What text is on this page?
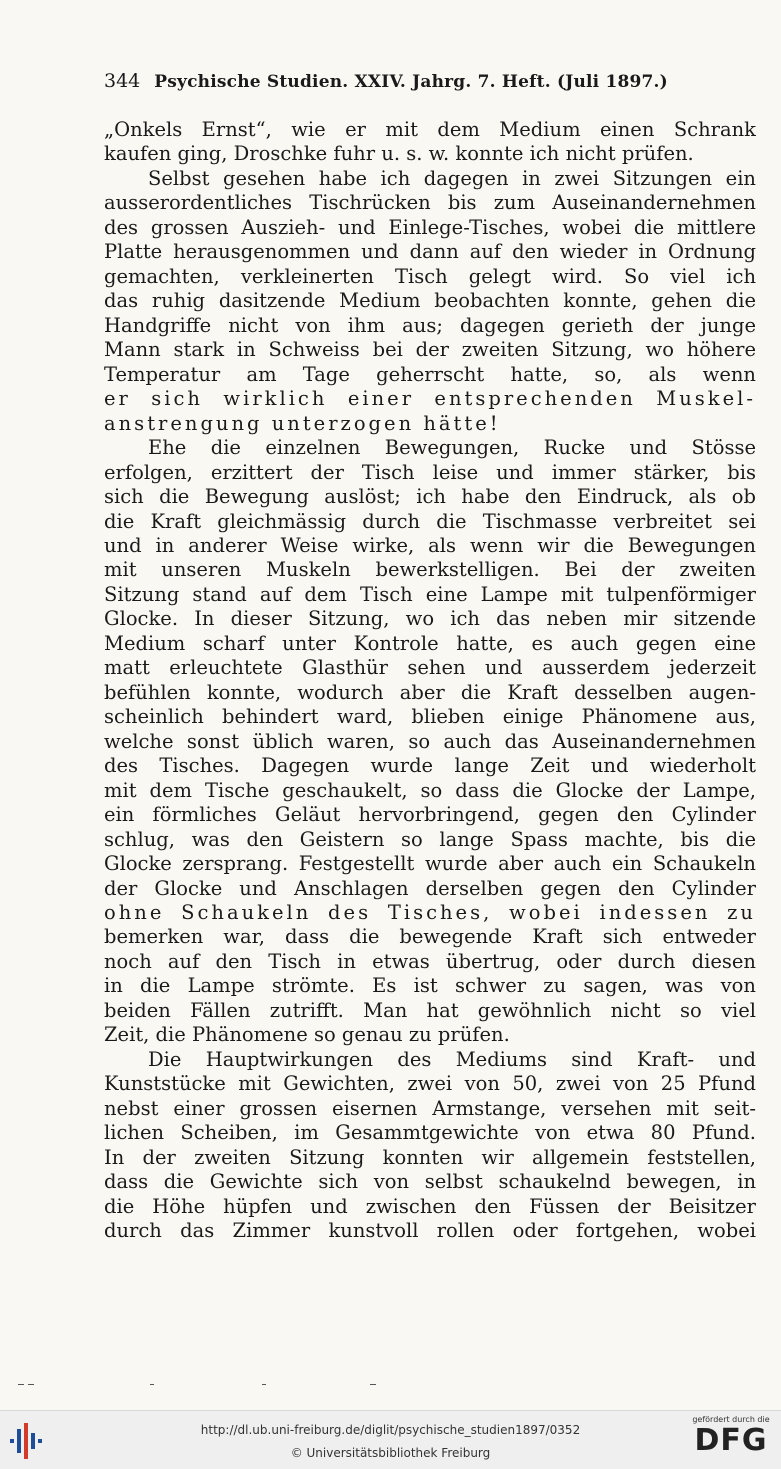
344 Psychische Studien. XXIV. Jahrg. 7. Heft. (Juli 1897.)
„Onkels Ernst“, wie er mit dem Medium einen Schrank
kaufen ging, Droschke fuhr u. s. w. konnte ich nicht prüfen.
Selbst gesehen habe ich dagegen in zwei Sitzungen ein
ausserordentliches Tischrücken bis zum Auseinandernehmen
des grossen Auszieh- und Einlege-Tisches, wobei die mittlere
Platte herausgenommen und dann auf den wieder in Ordnung
gemachten, verkleinerten Tisch gelegt wird. So viel ich
das ruhig dasitzende Medium beobachten konnte, gehen die
Handgriffe nicht von ihm aus; dagegen gerieth der junge
Mann stark in Schweiss bei der zweiten Sitzung, wo höhere
Temperatur am Tage geherrscht hatte, so, als wenn
er sich wirklich einer entsprechenden Muskel-
anstrengung unterzogen hätte!
Ehe die einzelnen Bewegungen, Rucke und Stösse
erfolgen, erzittert der Tisch leise und immer stärker, bis
sich die Bewegung auslöst; ich habe den Eindruck, als ob
die Kraft gleichmässig durch die Tischmasse verbreitet sei
und in anderer Weise wirke, als wenn wir die Bewegungen
mit unseren Muskeln bewerkstelligen. Bei der zweiten
Sitzung stand auf dem Tisch eine Lampe mit tulpenförmiger
Glocke. In dieser Sitzung, wo ich das neben mir sitzende
Medium scharf unter Kontrole hatte, es auch gegen eine
matt erleuchtete Glasthür sehen und ausserdem jederzeit
befühlen konnte, wodurch aber die Kraft desselben augen-
scheinlich behindert ward, blieben einige Phänomene aus,
welche sonst üblich waren, so auch das Auseinandernehmen
des Tisches. Dagegen wurde lange Zeit und wiederholt
mit dem Tische geschaukelt, so dass die Glocke der Lampe,
ein förmliches Geläut hervorbringend, gegen den Cylinder
schlug, was den Geistern so lange Spass machte, bis die
Glocke zersprang. Festgestellt wurde aber auch ein Schaukeln
der Glocke und Anschlagen derselben gegen den Cylinder
ohne Schaukeln des Tisches, wobei indessen zu
bemerken war, dass die bewegende Kraft sich entweder
noch auf den Tisch in etwas übertrug, oder durch diesen
in die Lampe strömte. Es ist schwer zu sagen, was von
beiden Fällen zutrifft. Man hat gewöhnlich nicht so viel
Zeit, die Phänomene so genau zu prüfen.
Die Hauptwirkungen des Mediums sind Kraft- und
Kunststücke mit Gewichten, zwei von 50, zwei von 25 Pfund
nebst einer grossen eisernen Armstange, versehen mit seit-
lichen Scheiben, im Gesammtgewichte von etwa 80 Pfund.
In der zweiten Sitzung konnten wir allgemein feststellen,
dass die Gewichte sich von selbst schaukelnd bewegen, in
die Höhe hüpfen und zwischen den Füssen der Beisitzer
durch das Zimmer kunstvoll rollen oder fortgehen, wobei
http://dl.ub.uni-freiburg.de/diglit/psychische_studien1897/0352
© Universitätsbibliothek Freiburg
gefördert durch die
DFG
